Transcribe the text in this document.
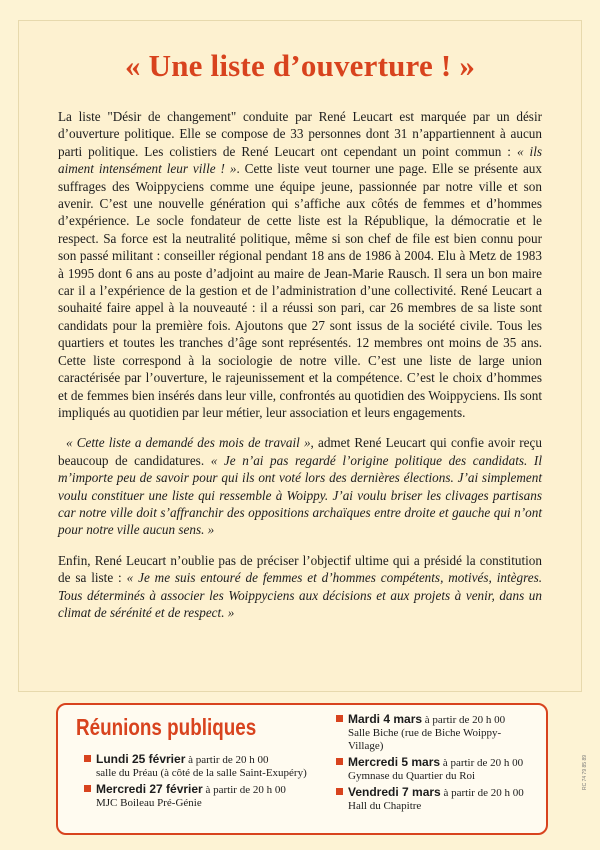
« Une liste d’ouverture ! »

La liste "Désir de changement" conduite par René Leucart est marquée par un désir d’ouverture politique. Elle se compose de 33 personnes dont 31 n’appartiennent à aucun parti politique. Les colistiers de René Leucart ont cependant un point commun : « ils aiment intensément leur ville ! ». Cette liste veut tourner une page. Elle se présente aux suffrages des Woippyciens comme une équipe jeune, passionnée par notre ville et son avenir. C’est une nouvelle génération qui s’affiche aux côtés de femmes et d’hommes d’expérience. Le socle fondateur de cette liste est la République, la démocratie et le respect. Sa force est la neutralité politique, même si son chef de file est bien connu pour son passé militant : conseiller régional pendant 18 ans de 1986 à 2004. Elu à Metz de 1983 à 1995 dont 6 ans au poste d’adjoint au maire de Jean-Marie Rausch. Il sera un bon maire car il a l’expérience de la gestion et de l’administration d’une collectivité. René Leucart a souhaité faire appel à la nouveauté : il a réussi son pari, car 26 membres de sa liste sont candidats pour la première fois. Ajoutons que 27 sont issus de la société civile. Tous les quartiers et toutes les tranches d’âge sont représentés. 12 membres ont moins de 35 ans. Cette liste correspond à la sociologie de notre ville. C’est une liste de large union caractérisée par l’ouverture, le rajeunissement et la compétence. C’est le choix d’hommes et de femmes bien insérés dans leur ville, confrontés au quotidien des Woippyciens. Ils sont impliqués au quotidien par leur métier, leur association et leurs engagements.

« Cette liste a demandé des mois de travail », admet René Leucart qui confie avoir reçu beaucoup de candidatures. « Je n’ai pas regardé l’origine politique des candidats. Il m’importe peu de savoir pour qui ils ont voté lors des dernières élections. J’ai simplement voulu constituer une liste qui ressemble à Woippy. J’ai voulu briser les clivages partisans car notre ville doit s’affranchir des oppositions archaïques entre droite et gauche qui n’ont pour notre ville aucun sens. »

Enfin, René Leucart n’oublie pas de préciser l’objectif ultime qui a présidé la constitution de sa liste : « Je me suis entouré de femmes et d’hommes compétents, motivés, intègres. Tous déterminés à associer les Woippyciens aux décisions et aux projets à venir, dans un climat de sérénité et de respect. »

Réunions publiques
Lundi 25 février à partir de 20 h 00
salle du Préau (à côté de la salle Saint-Exupéry)
Mercredi 27 février à partir de 20 h 00
MJC Boileau Pré-Génie
Mardi 4 mars à partir de 20 h 00
Salle Biche (rue de Biche Woippy-Village)
Mercredi 5 mars à partir de 20 h 00
Gymnase du Quartier du Roi
Vendredi 7 mars à partir de 20 h 00
Hall du Chapitre
RC 74 79 85 89
